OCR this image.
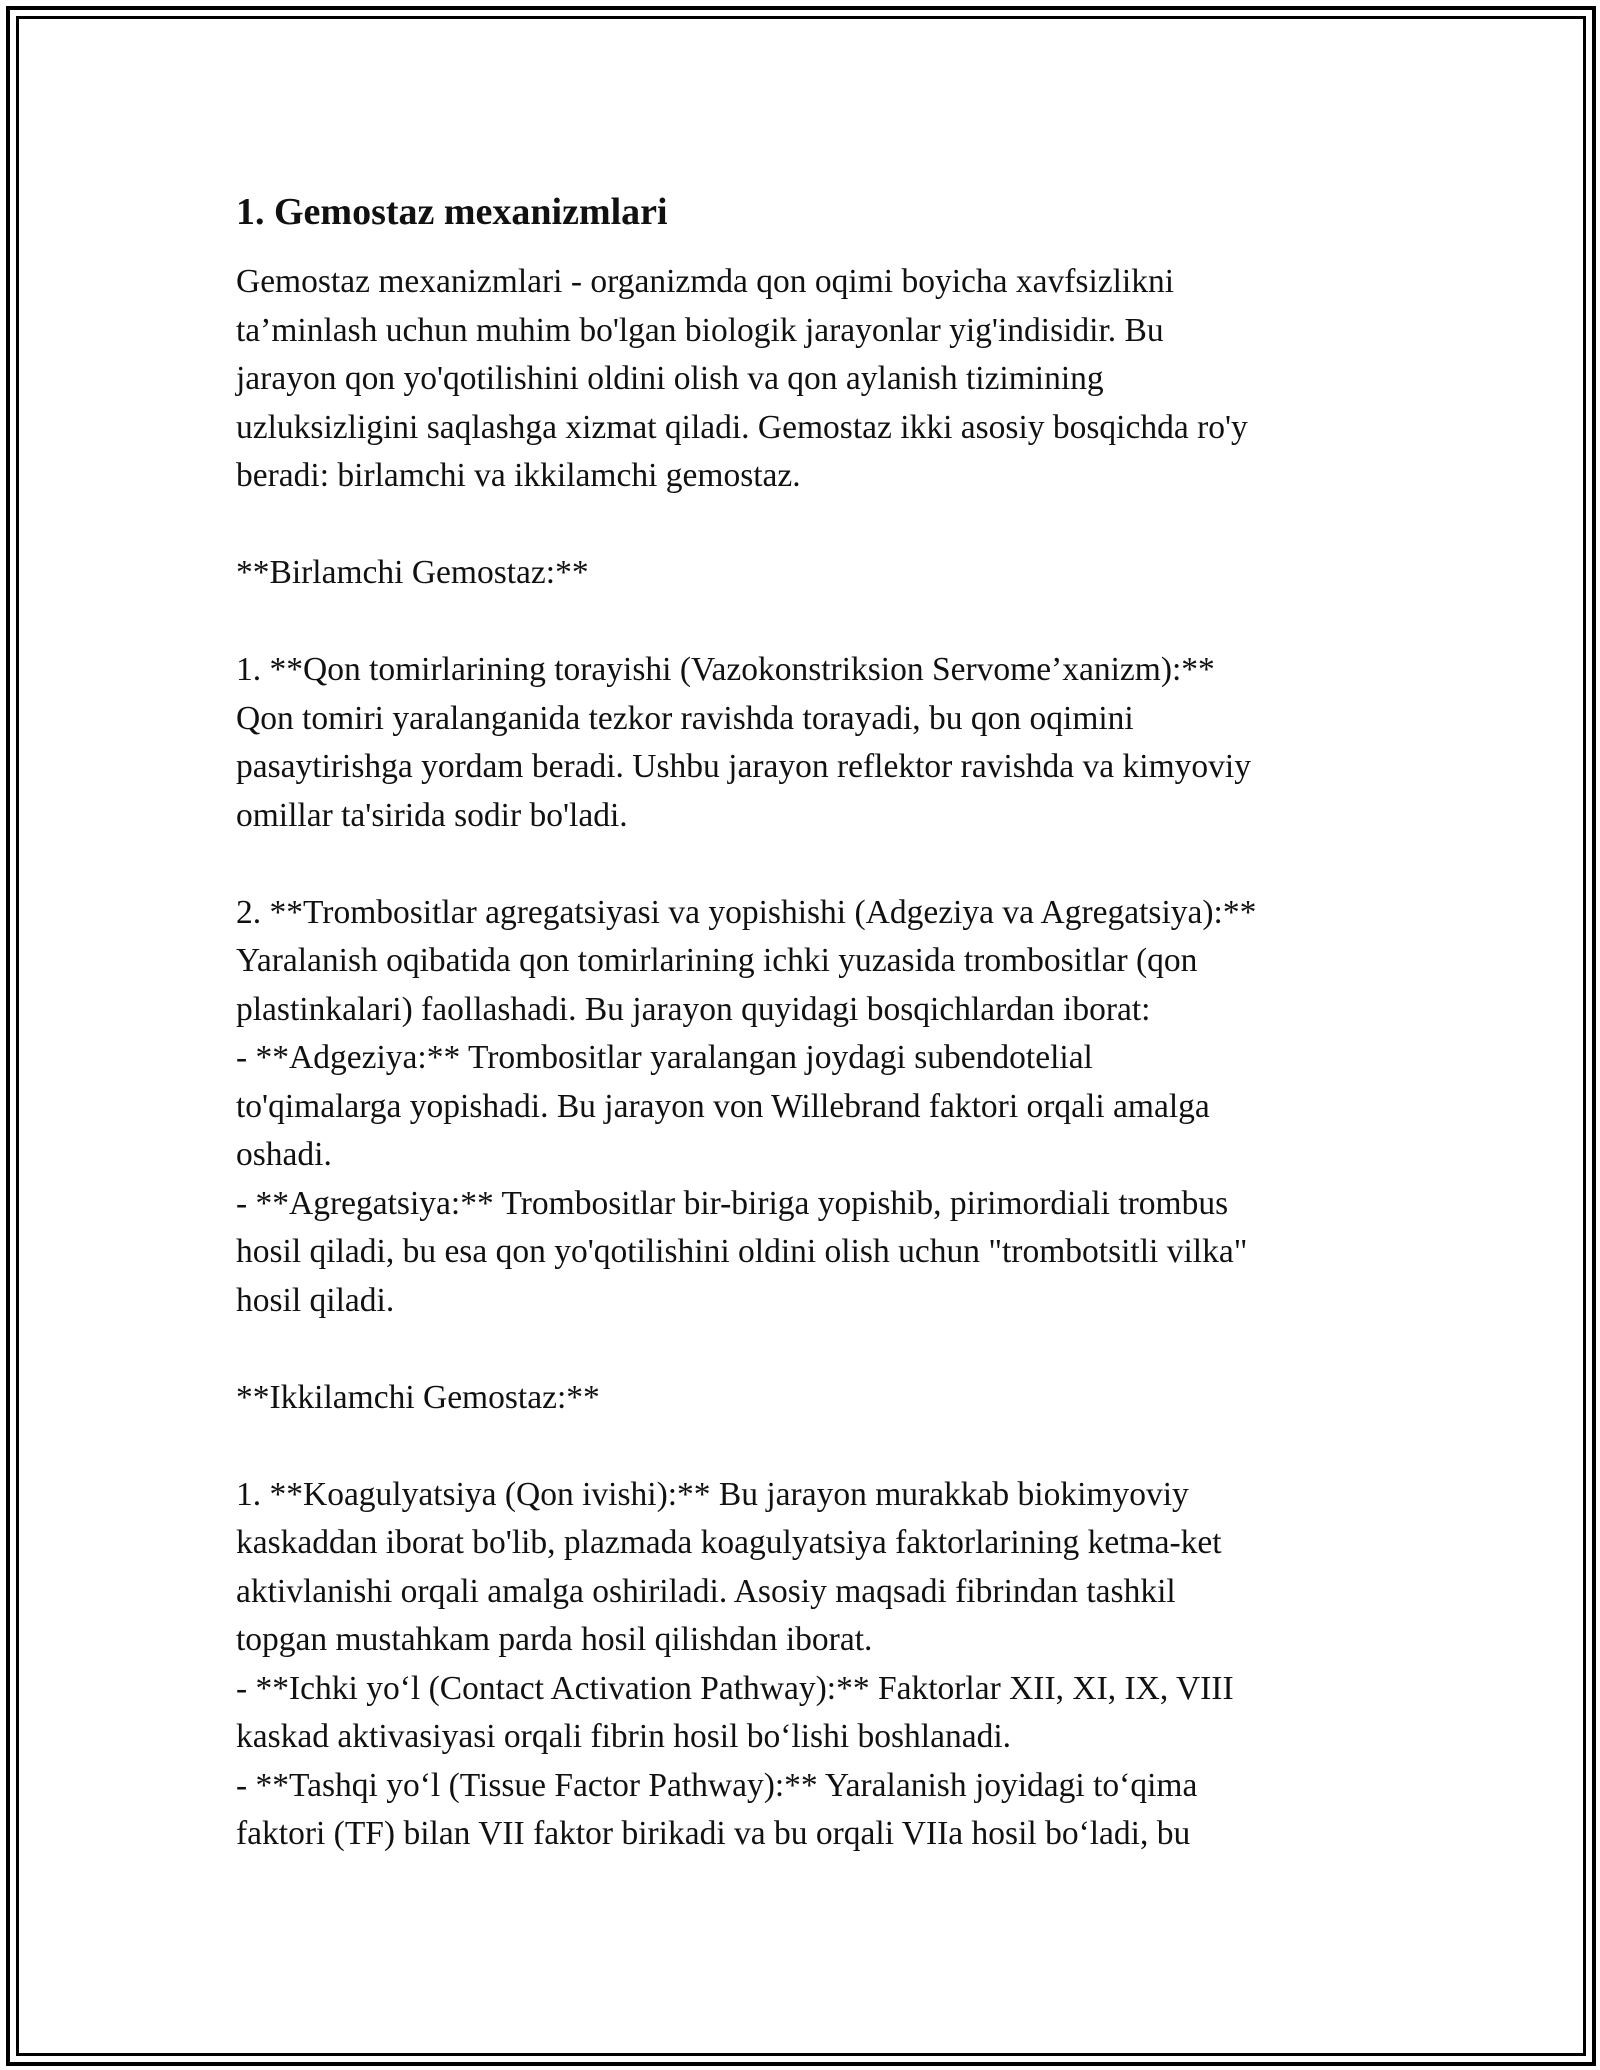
1. Gemostaz mexanizmlari

Gemostaz mexanizmlari - organizmda qon oqimi boyicha xavfsizlikni
ta’minlash uchun muhim bo'lgan biologik jarayonlar yig'indisidir. Bu
jarayon qon yo'qotilishini oldini olish va qon aylanish tizimining
uzluksizligini saqlashga xizmat qiladi. Gemostaz ikki asosiy bosqichda ro'y
beradi: birlamchi va ikkilamchi gemostaz.

**Birlamchi Gemostaz:**

1. **Qon tomirlarining torayishi (Vazokonstriksion Servome’xanizm):**
Qon tomiri yaralanganida tezkor ravishda torayadi, bu qon oqimini
pasaytirishga yordam beradi. Ushbu jarayon reflektor ravishda va kimyoviy
omillar ta'sirida sodir bo'ladi.

2. **Trombositlar agregatsiyasi va yopishishi (Adgeziya va Agregatsiya):**
Yaralanish oqibatida qon tomirlarining ichki yuzasida trombositlar (qon
plastinkalari) faollashadi. Bu jarayon quyidagi bosqichlardan iborat:
- **Adgeziya:** Trombositlar yaralangan joydagi subendotelial
to'qimalarga yopishadi. Bu jarayon von Willebrand faktori orqali amalga
oshadi.
- **Agregatsiya:** Trombositlar bir-biriga yopishib, pirimordiali trombus
hosil qiladi, bu esa qon yo'qotilishini oldini olish uchun "trombotsitli vilka"
hosil qiladi.

**Ikkilamchi Gemostaz:**

1. **Koagulyatsiya (Qon ivishi):** Bu jarayon murakkab biokimyoviy
kaskaddan iborat bo'lib, plazmada koagulyatsiya faktorlarining ketma-ket
aktivlanishi orqali amalga oshiriladi. Asosiy maqsadi fibrindan tashkil
topgan mustahkam parda hosil qilishdan iborat.
- **Ichki yo‘l (Contact Activation Pathway):** Faktorlar XII, XI, IX, VIII
kaskad aktivasiyasi orqali fibrin hosil bo‘lishi boshlanadi.
- **Tashqi yo‘l (Tissue Factor Pathway):** Yaralanish joyidagi to‘qima
faktori (TF) bilan VII faktor birikadi va bu orqali VIIa hosil bo‘ladi, bu
